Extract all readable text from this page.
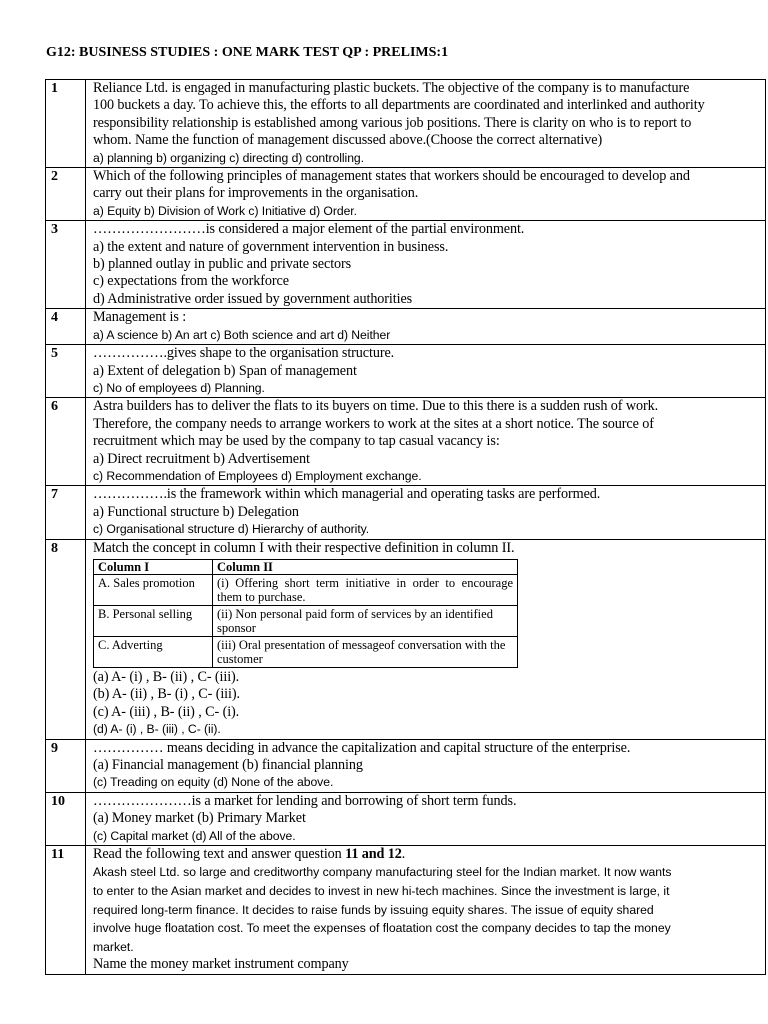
G12: BUSINESS STUDIES : ONE MARK TEST QP : PRELIMS:1
1	Reliance Ltd. is engaged in manufacturing plastic buckets. The objective of the company is to manufacture
100 buckets a day. To achieve this, the efforts to all departments are coordinated and interlinked and authority
responsibility relationship is established among various job positions. There is clarity on who is to report to
whom. Name the function of management discussed above.(Choose the correct alternative)
a) planning b) organizing c) directing d) controlling.

2	Which of the following principles of management states that workers should be encouraged to develop and
carry out their plans for improvements in the organisation.
a) Equity b) Division of Work c) Initiative d) Order.

3	……………………is considered a major element of the partial environment.
a) the extent and nature of government intervention in business.
b) planned outlay in public and private sectors
c) expectations from the workforce
d) Administrative order issued by government authorities

4	Management is :
a) A science b) An art c) Both science and art d) Neither

5	…………….gives shape to the organisation structure.
a) Extent of delegation b) Span of management
c) No of employees d) Planning.

6	Astra builders has to deliver the flats to its buyers on time. Due to this there is a sudden rush of work.
Therefore, the company needs to arrange workers to work at the sites at a short notice. The source of
recruitment which may be used by the company to tap casual vacancy is:
a) Direct recruitment b) Advertisement
c) Recommendation of Employees d) Employment exchange.

7	…………….is the framework within which managerial and operating tasks are performed.
a) Functional structure b) Delegation
c) Organisational structure d) Hierarchy of authority.

8	Match the concept in column I with their respective definition in column II.
Column I	Column II
A. Sales promotion	(i) Offering short term initiative in order to encourage them to purchase.
B. Personal selling	(ii) Non personal paid form of services by an identified sponsor
C. Adverting	(iii) Oral presentation of messageof conversation with the customer
(a) A- (i) , B- (ii) , C- (iii).
(b) A- (ii) , B- (i) , C- (iii).
(c) A- (iii) , B- (ii) , C- (i).
(d) A- (i) , B- (iii) , C- (ii).

9	…………… means deciding in advance the capitalization and capital structure of the enterprise.
(a) Financial management (b) financial planning
(c) Treading on equity (d) None of the above.

10	…………………is a market for lending and borrowing of short term funds.
(a) Money market (b) Primary Market
(c) Capital market (d) All of the above.

11	Read the following text and answer question 11 and 12.
Akash steel Ltd. so large and creditworthy company manufacturing steel for the Indian market. It now wants
to enter to the Asian market and decides to invest in new hi-tech machines. Since the investment is large, it
required long-term finance. It decides to raise funds by issuing equity shares. The issue of equity shared
involve huge floatation cost. To meet the expenses of floatation cost the company decides to tap the money
market.
Name the money market instrument company
